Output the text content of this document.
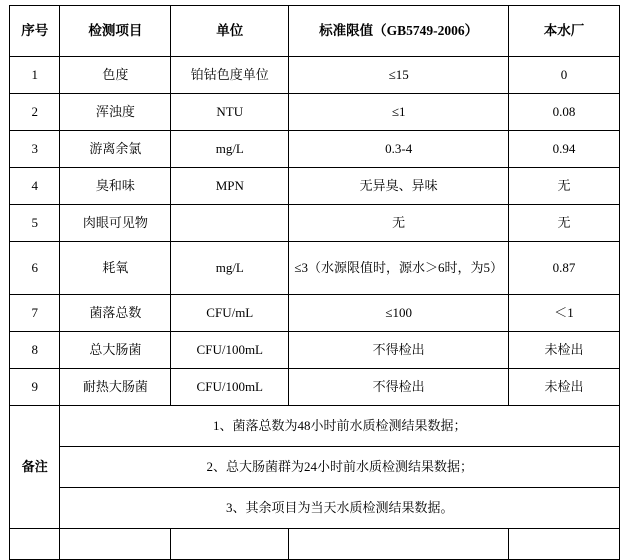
序号	检测项目	单位	标准限值（GB5749-2006）	本水厂
1	色度	铂钴色度单位	≤15	0
2	浑浊度	NTU	≤1	0.08
3	游离余氯	mg/L	0.3-4	0.94
4	臭和味	MPN	无异臭、异味	无
5	肉眼可见物		无	无
6	耗氧	mg/L	≤3（水源限值时，源水＞6时，为5）	0.87
7	菌落总数	CFU/mL	≤100	＜1
8	总大肠菌	CFU/100mL	不得检出	未检出
9	耐热大肠菌	CFU/100mL	不得检出	未检出
备注	1、菌落总数为48小时前水质检测结果数据；			
	2、总大肠菌群为24小时前水质检测结果数据；			
	3、其余项目为当天水质检测结果数据。			
